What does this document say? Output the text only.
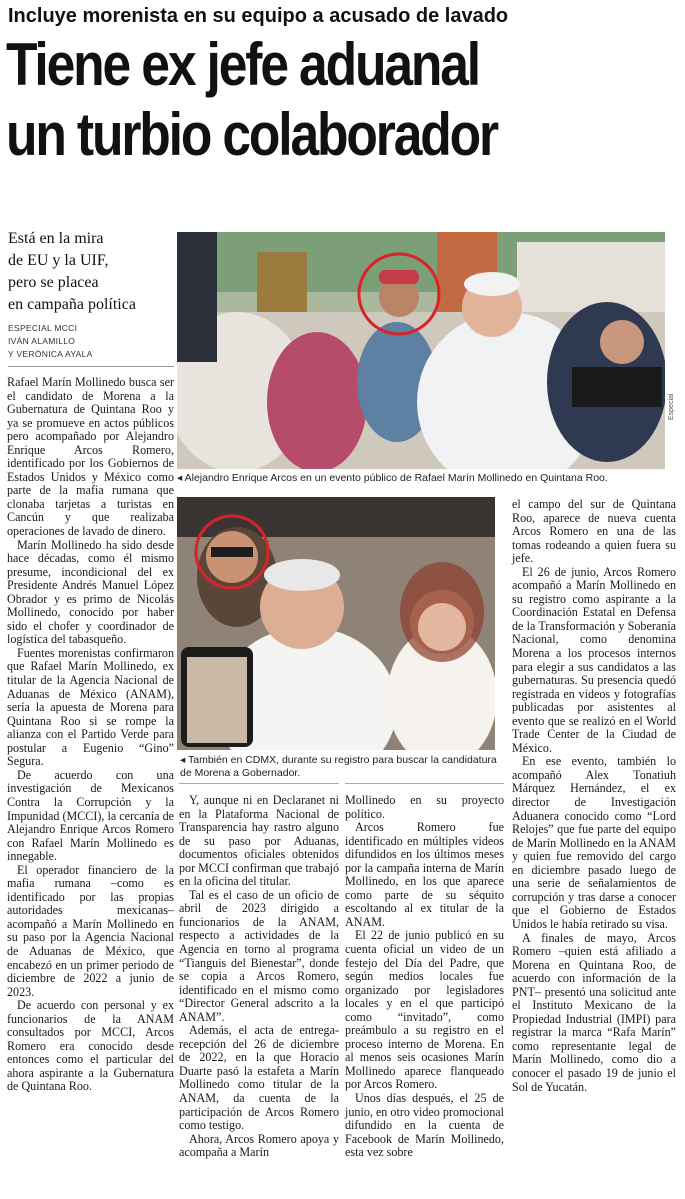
Incluye morenista en su equipo a acusado de lavado
Tiene ex jefe aduanal
un turbio colaborador
Está en la mira
de EU y la UIF,
pero se placea
en campaña política
ESPECIAL MCCI
IVÁN ALAMILLO
Y VERÓNICA AYALA
Especial
◂ Alejandro Enrique Arcos en un evento público de Rafael Marín Mollinedo en Quintana Roo.
◂ También en CDMX, durante su registro para buscar la candidatura de Morena a Gobernador.

Rafael Marín Mollinedo busca ser el candidato de Morena a la Gubernatura de Quintana Roo y ya se promueve en actos públicos pero acompañado por Alejandro Enrique Arcos Romero, identificado por los Gobiernos de Estados Unidos y México como parte de la mafia rumana que clonaba tarjetas a turistas en Cancún y que realizaba operaciones de lavado de dinero.

Marín Mollinedo ha sido desde hace décadas, como él mismo presume, incondicional del ex Presidente Andrés Manuel López Obrador y es primo de Nicolás Mollinedo, conocido por haber sido el chofer y coordinador de logística del tabasqueño.

Fuentes morenistas confirmaron que Rafael Marín Mollinedo, ex titular de la Agencia Nacional de Aduanas de México (ANAM), sería la apuesta de Morena para Quintana Roo si se rompe la alianza con el Partido Verde para postular a Eugenio “Gino” Segura.

De acuerdo con una investigación de Mexicanos Contra la Corrupción y la Impunidad (MCCI), la cercanía de Alejandro Enrique Arcos Romero con Rafael Marín Mollinedo es innegable.

El operador financiero de la mafia rumana –como es identificado por las propias autoridades mexicanas– acompañó a Marín Mollinedo en su paso por la Agencia Nacional de Aduanas de México, que encabezó en un primer periodo de diciembre de 2022 a junio de 2023.

De acuerdo con personal y ex funcionarios de la ANAM consultados por MCCI, Arcos Romero era conocido desde entonces como el particular del ahora aspirante a la Gubernatura de Quintana Roo.

Y, aunque ni en Declaranet ni en la Plataforma Nacional de Transparencia hay rastro alguno de su paso por Aduanas, documentos oficiales obtenidos por MCCI confirman que trabajó en la oficina del titular.

Tal es el caso de un oficio de abril de 2023 dirigido a funcionarios de la ANAM, respecto a actividades de la Agencia en torno al programa “Tianguis del Bienestar”, donde se copia a Arcos Romero, identificado en el mismo como “Director General adscrito a la ANAM”.

Además, el acta de entrega-recepción del 26 de diciembre de 2022, en la que Horacio Duarte pasó la estafeta a Marín Mollinedo como titular de la ANAM, da cuenta de la participación de Arcos Romero como testigo.

Ahora, Arcos Romero apoya y acompaña a Marín

Mollinedo en su proyecto político.

Arcos Romero fue identificado en múltiples videos difundidos en los últimos meses por la campaña interna de Marín Mollinedo, en los que aparece como parte de su séquito escoltando al ex titular de la ANAM.

El 22 de junio publicó en su cuenta oficial un video de un festejo del Día del Padre, que según medios locales fue organizado por legisladores locales y en el que participó como “invitado”, como preámbulo a su registro en el proceso interno de Morena. En al menos seis ocasiones Marín Mollinedo aparece flanqueado por Arcos Romero.

Unos días después, el 25 de junio, en otro video promocional difundido en la cuenta de Facebook de Marín Mollinedo, esta vez sobre

el campo del sur de Quintana Roo, aparece de nueva cuenta Arcos Romero en una de las tomas rodeando a quien fuera su jefe.

El 26 de junio, Arcos Romero acompañó a Marín Mollinedo en su registro como aspirante a la Coordinación Estatal en Defensa de la Transformación y Soberanía Nacional, como denomina Morena a los procesos internos para elegir a sus candidatos a las gubernaturas. Su presencia quedó registrada en videos y fotografías publicadas por asistentes al evento que se realizó en el World Trade Center de la Ciudad de México.

En ese evento, también lo acompañó Alex Tonatiuh Márquez Hernández, el ex director de Investigación Aduanera conocido como “Lord Relojes” que fue parte del equipo de Marín Mollinedo en la ANAM y quien fue removido del cargo en diciembre pasado luego de una serie de señalamientos de corrupción y tras darse a conocer que el Gobierno de Estados Unidos le había retirado su visa.

A finales de mayo, Arcos Romero –quien está afiliado a Morena en Quintana Roo, de acuerdo con información de la PNT– presentó una solicitud ante el Instituto Mexicano de la Propiedad Industrial (IMPI) para registrar la marca “Rafa Marín” como representante legal de Marín Mollinedo, como dio a conocer el pasado 19 de junio el Sol de Yucatán.
